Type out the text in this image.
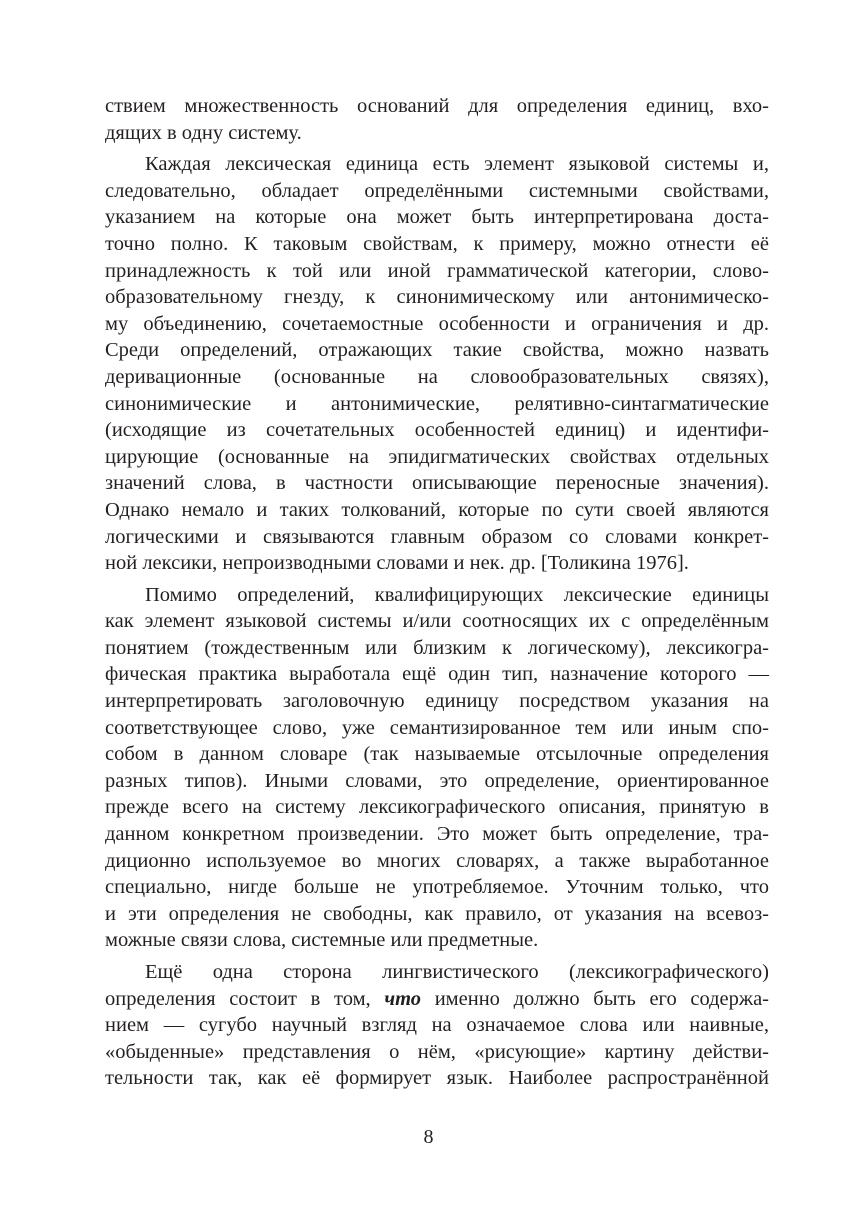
ствием множественность оснований для определения единиц, вхо-
дящих в одну систему.
Каждая лексическая единица есть элемент языковой системы и,
следовательно, обладает определёнными системными свойствами,
указанием на которые она может быть интерпретирована доста-
точно полно. К таковым свойствам, к примеру, можно отнести её
принадлежность к той или иной грамматической категории, слово-
образовательному гнезду, к синонимическому или антонимическо-
му объединению, сочетаемостные особенности и ограничения и др.
Среди определений, отражающих такие свойства, можно назвать
деривационные (основанные на словообразовательных связях),
синонимические и антонимические, релятивно-синтагматические
(исходящие из сочетательных особенностей единиц) и идентифи-
цирующие (основанные на эпидигматических свойствах отдельных
значений слова, в частности описывающие переносные значения).
Однако немало и таких толкований, которые по сути своей являются
логическими и связываются главным образом со словами конкрет-
ной лексики, непроизводными словами и нек. др. [Толикина 1976].
Помимо определений, квалифицирующих лексические единицы
как элемент языковой системы и/или соотносящих их с определённым
понятием (тождественным или близким к логическому), лексикогра-
фическая практика выработала ещё один тип, назначение которого —
интерпретировать заголовочную единицу посредством указания на
соответствующее слово, уже семантизированное тем или иным спо-
собом в данном словаре (так называемые отсылочные определения
разных типов). Иными словами, это определение, ориентированное
прежде всего на систему лексикографического описания, принятую в
данном конкретном произведении. Это может быть определение, тра-
диционно используемое во многих словарях, а также выработанное
специально, нигде больше не употребляемое. Уточним только, что
и эти определения не свободны, как правило, от указания на всевоз-
можные связи слова, системные или предметные.
Ещё одна сторона лингвистического (лексикографического)
определения состоит в том, что именно должно быть его содержа-
нием — сугубо научный взгляд на означаемое слова или наивные,
«обыденные» представления о нём, «рисующие» картину действи-
тельности так, как её формирует язык. Наиболее распространённой
8
